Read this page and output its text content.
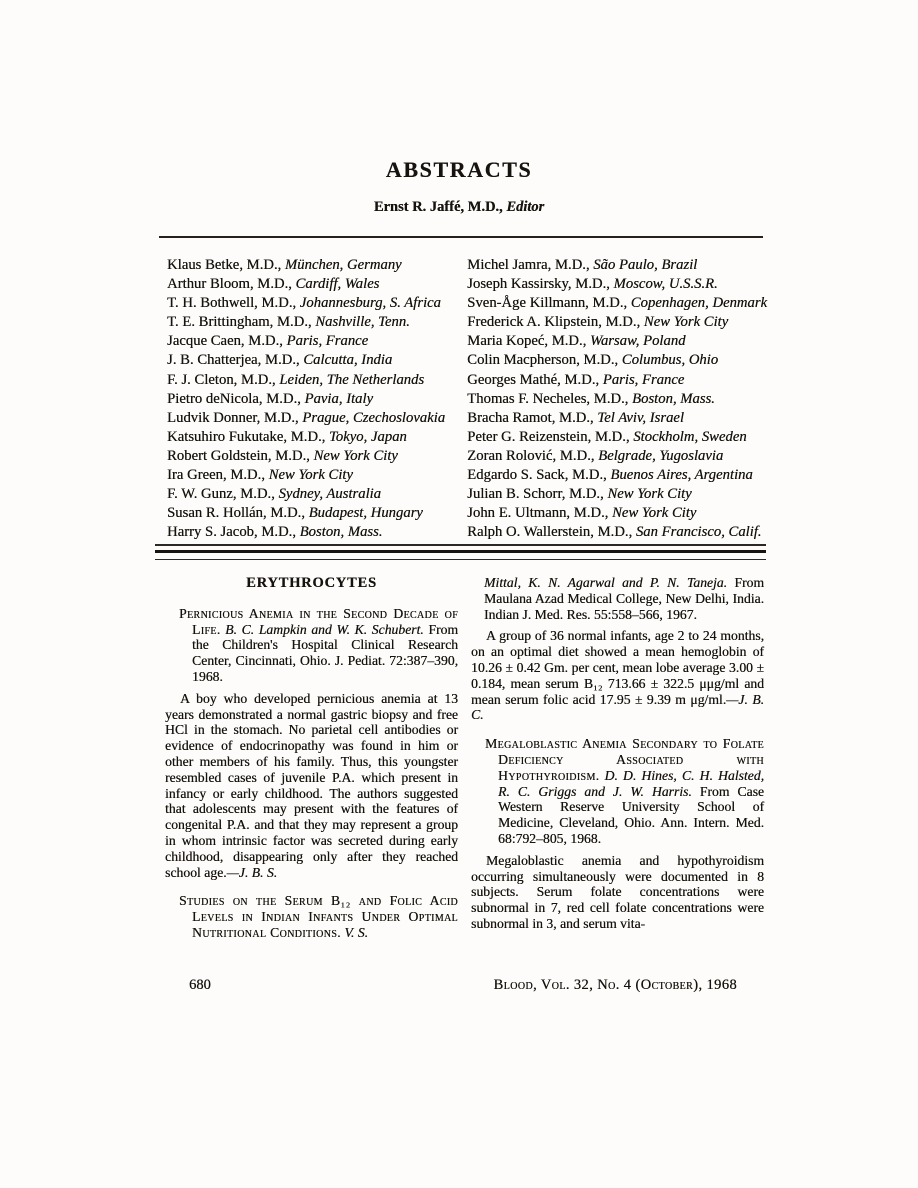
ABSTRACTS
Ernst R. Jaffé, M.D., Editor
Klaus Betke, M.D., München, Germany
Arthur Bloom, M.D., Cardiff, Wales
T. H. Bothwell, M.D., Johannesburg, S. Africa
T. E. Brittingham, M.D., Nashville, Tenn.
Jacque Caen, M.D., Paris, France
J. B. Chatterjea, M.D., Calcutta, India
F. J. Cleton, M.D., Leiden, The Netherlands
Pietro deNicola, M.D., Pavia, Italy
Ludvik Donner, M.D., Prague, Czechoslovakia
Katsuhiro Fukutake, M.D., Tokyo, Japan
Robert Goldstein, M.D., New York City
Ira Green, M.D., New York City
F. W. Gunz, M.D., Sydney, Australia
Susan R. Hollán, M.D., Budapest, Hungary
Harry S. Jacob, M.D., Boston, Mass.
Michel Jamra, M.D., São Paulo, Brazil
Joseph Kassirsky, M.D., Moscow, U.S.S.R.
Sven-Åge Killmann, M.D., Copenhagen, Denmark
Frederick A. Klipstein, M.D., New York City
Maria Kopeć, M.D., Warsaw, Poland
Colin Macpherson, M.D., Columbus, Ohio
Georges Mathé, M.D., Paris, France
Thomas F. Necheles, M.D., Boston, Mass.
Bracha Ramot, M.D., Tel Aviv, Israel
Peter G. Reizenstein, M.D., Stockholm, Sweden
Zoran Rolović, M.D., Belgrade, Yugoslavia
Edgardo S. Sack, M.D., Buenos Aires, Argentina
Julian B. Schorr, M.D., New York City
John E. Ultmann, M.D., New York City
Ralph O. Wallerstein, M.D., San Francisco, Calif.
ERYTHROCYTES

Pernicious Anemia in the Second Decade of Life. B. C. Lampkin and W. K. Schubert. From the Children's Hospital Clinical Research Center, Cincinnati, Ohio. J. Pediat. 72:387–390, 1968.

A boy who developed pernicious anemia at 13 years demonstrated a normal gastric biopsy and free HCl in the stomach. No parietal cell antibodies or evidence of endocrinopathy was found in him or other members of his family. Thus, this youngster resembled cases of juvenile P.A. which present in infancy or early childhood. The authors suggested that adolescents may present with the features of congenital P.A. and that they may represent a group in whom intrinsic factor was secreted during early childhood, disappearing only after they reached school age.—J. B. S.

Studies on the Serum B₁₂ and Folic Acid Levels in Indian Infants Under Optimal Nutritional Conditions. V. S.

Mittal, K. N. Agarwal and P. N. Taneja. From Maulana Azad Medical College, New Delhi, India. Indian J. Med. Res. 55:558–566, 1967.

A group of 36 normal infants, age 2 to 24 months, on an optimal diet showed a mean hemoglobin of 10.26 ± 0.42 Gm. per cent, mean lobe average 3.00 ± 0.184, mean serum B₁₂ 713.66 ± 322.5 μμg/ml and mean serum folic acid 17.95 ± 9.39 m μg/ml.—J. B. C.

Megaloblastic Anemia Secondary to Folate Deficiency Associated with Hypothyroidism. D. D. Hines, C. H. Halsted, R. C. Griggs and J. W. Harris. From Case Western Reserve University School of Medicine, Cleveland, Ohio. Ann. Intern. Med. 68:792–805, 1968.

Megaloblastic anemia and hypothyroidism occurring simultaneously were documented in 8 subjects. Serum folate concentrations were subnormal in 7, red cell folate concentrations were subnormal in 3, and serum vita-

680	Blood, Vol. 32, No. 4 (October), 1968
